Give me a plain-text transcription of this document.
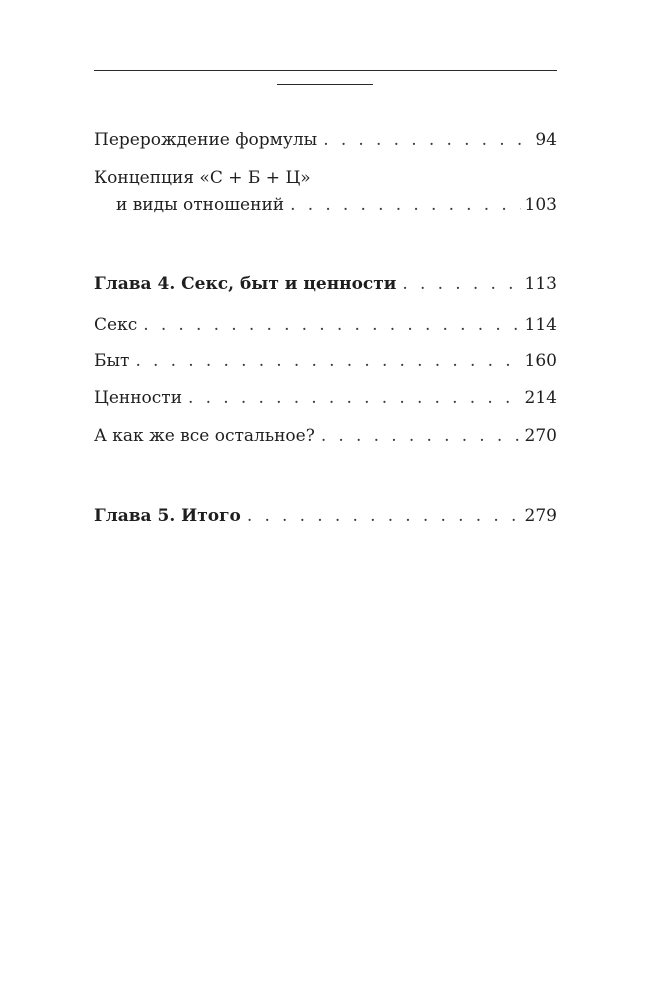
Перерождение формулы . . .	94
Концепция «С + Б + Ц»
и виды отношений . . .	103
Глава 4. Секс, быт и ценности . . .	113
Секс . . .	114
Быт . . .	160
Ценности . . .	214
А как же все остальное? . . .	270
Глава 5. Итого . . .	279
